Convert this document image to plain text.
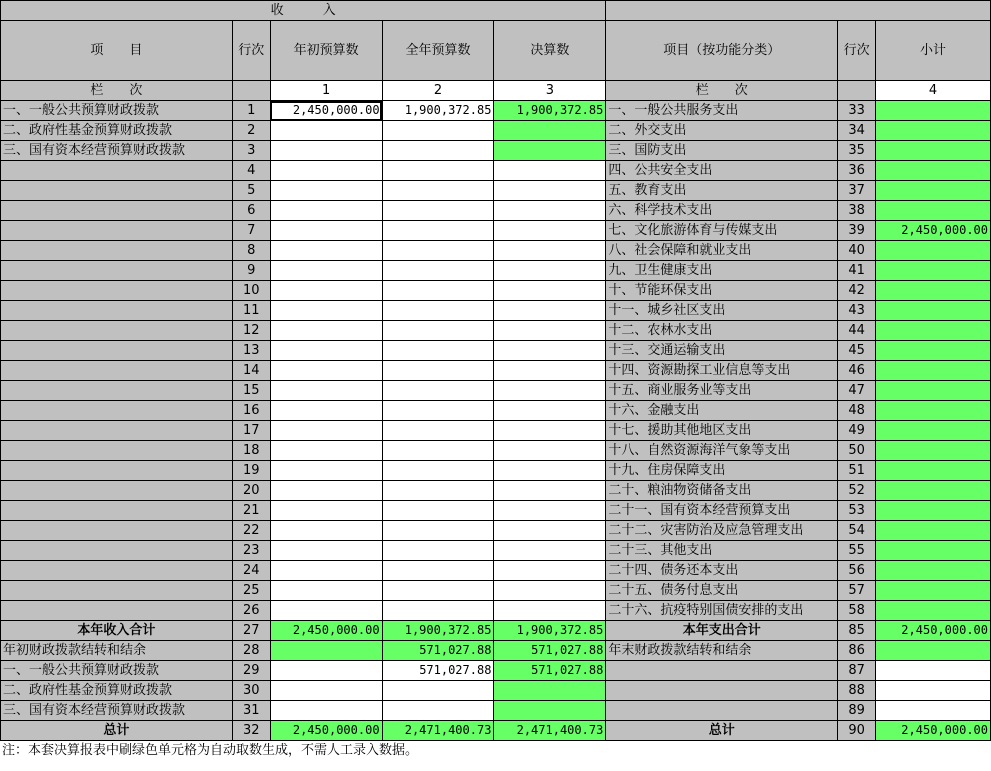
收　　　入							
项　　目	行次	年初预算数	全年预算数	决算数	项目（按功能分类）	行次	小计
栏　　次		1	2	3	栏　　次		4
一、一般公共预算财政拨款	1	2,450,000.00	1,900,372.85	1,900,372.85	一、一般公共服务支出	33	
二、政府性基金预算财政拨款	2				二、外交支出	34	
三、国有资本经营预算财政拨款	3				三、国防支出	35	
	4				四、公共安全支出	36	
	5				五、教育支出	37	
	6				六、科学技术支出	38	
	7				七、文化旅游体育与传媒支出	39	2,450,000.00
	8				八、社会保障和就业支出	40	
	9				九、卫生健康支出	41	
	10				十、节能环保支出	42	
	11				十一、城乡社区支出	43	
	12				十二、农林水支出	44	
	13				十三、交通运输支出	45	
	14				十四、资源勘探工业信息等支出	46	
	15				十五、商业服务业等支出	47	
	16				十六、金融支出	48	
	17				十七、援助其他地区支出	49	
	18				十八、自然资源海洋气象等支出	50	
	19				十九、住房保障支出	51	
	20				二十、粮油物资储备支出	52	
	21				二十一、国有资本经营预算支出	53	
	22				二十二、灾害防治及应急管理支出	54	
	23				二十三、其他支出	55	
	24				二十四、债务还本支出	56	
	25				二十五、债务付息支出	57	
	26				二十六、抗疫特别国债安排的支出	58	
本年收入合计	27	2,450,000.00	1,900,372.85	1,900,372.85	本年支出合计	85	2,450,000.00
年初财政拨款结转和结余	28		571,027.88	571,027.88	年末财政拨款结转和结余	86	
一、一般公共预算财政拨款	29		571,027.88	571,027.88		87	
二、政府性基金预算财政拨款	30					88	
三、国有资本经营预算财政拨款	31					89	
总计	32	2,450,000.00	2,471,400.73	2,471,400.73	总计	90	2,450,000.00
注：本套决算报表中刷绿色单元格为自动取数生成，不需人工录入数据。
